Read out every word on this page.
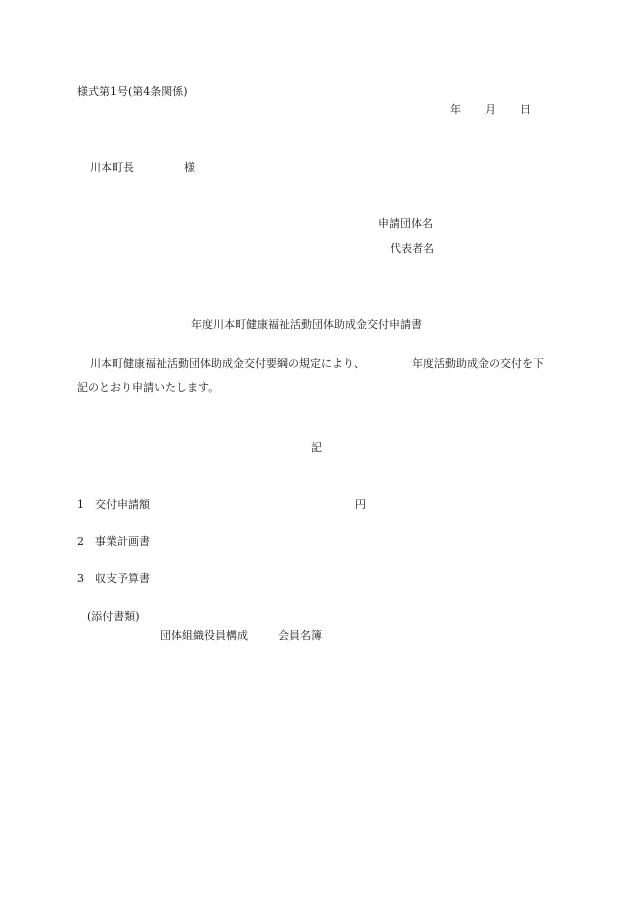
様式第1号(第4条関係)
年 月 日
川本町長	様
申請団体名
代表者名
年度川本町健康福祉活動団体助成金交付申請書
川本町健康福祉活動団体助成金交付要綱の規定により、	年度活動助成金の交付を下
記のとおり申請いたします。
記
1 交付申請額	円
2 事業計画書
3 収支予算書
(添付書類)
団体組織役員構成	会員名簿
